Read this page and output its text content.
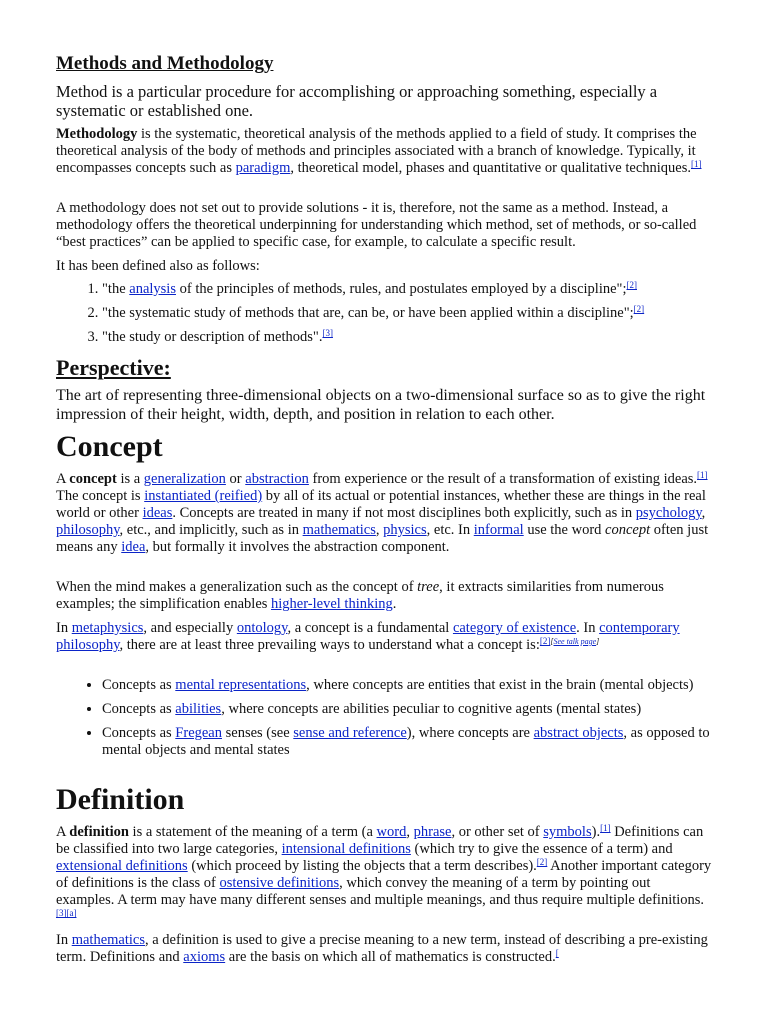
Methods and Methodology

Method is a particular procedure for accomplishing or approaching something, especially a systematic or established one.

Methodology is the systematic, theoretical analysis of the methods applied to a field of study. It comprises the theoretical analysis of the body of methods and principles associated with a branch of knowledge. Typically, it encompasses concepts such as paradigm, theoretical model, phases and quantitative or qualitative techniques.[1]

A methodology does not set out to provide solutions - it is, therefore, not the same as a method. Instead, a methodology offers the theoretical underpinning for understanding which method, set of methods, or so-called “best practices” can be applied to specific case, for example, to calculate a specific result.

It has been defined also as follows:

1. "the analysis of the principles of methods, rules, and postulates employed by a discipline";[2]
2. "the systematic study of methods that are, can be, or have been applied within a discipline";[2]
3. "the study or description of methods".[3]
Perspective:

The art of representing three-dimensional objects on a two-dimensional surface so as to give the right impression of their height, width, depth, and position in relation to each other.

Concept

A concept is a generalization or abstraction from experience or the result of a transformation of existing ideas.[1] The concept is instantiated (reified) by all of its actual or potential instances, whether these are things in the real world or other ideas. Concepts are treated in many if not most disciplines both explicitly, such as in psychology, philosophy, etc., and implicitly, such as in mathematics, physics, etc. In informal use the word concept often just means any idea, but formally it involves the abstraction component.

When the mind makes a generalization such as the concept of tree, it extracts similarities from numerous examples; the simplification enables higher-level thinking.

In metaphysics, and especially ontology, a concept is a fundamental category of existence. In contemporary philosophy, there are at least three prevailing ways to understand what a concept is:[2][See talk page]

• Concepts as mental representations, where concepts are entities that exist in the brain (mental objects)
• Concepts as abilities, where concepts are abilities peculiar to cognitive agents (mental states)
• Concepts as Fregean senses (see sense and reference), where concepts are abstract objects, as opposed to mental objects and mental states
Definition

A definition is a statement of the meaning of a term (a word, phrase, or other set of symbols).[1] Definitions can be classified into two large categories, intensional definitions (which try to give the essence of a term) and extensional definitions (which proceed by listing the objects that a term describes).[2] Another important category of definitions is the class of ostensive definitions, which convey the meaning of a term by pointing out examples. A term may have many different senses and multiple meanings, and thus require multiple definitions.[3][a]

In mathematics, a definition is used to give a precise meaning to a new term, instead of describing a pre-existing term. Definitions and axioms are the basis on which all of mathematics is constructed.[
